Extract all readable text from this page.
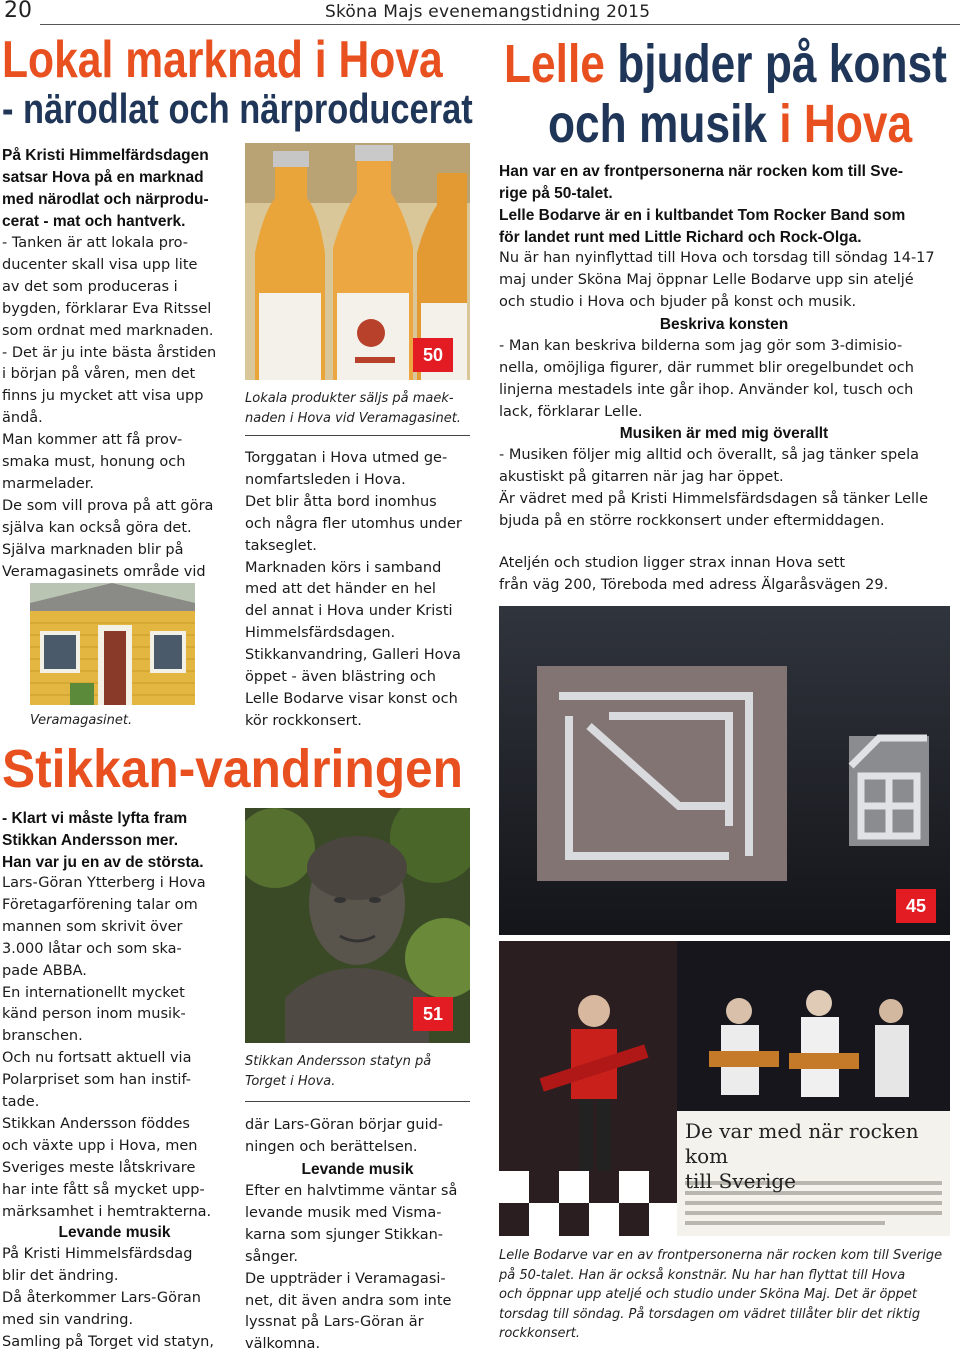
20	Sköna Majs evenemangstidning 2015
Lokal marknad i Hova
- närodlat och närproducerat
På Kristi Himmelfärdsdagen
satsar Hova på en marknad
med närodlat och närprodu-
cerat - mat och hantverk.
- Tanken är att lokala pro-
ducenter skall visa upp lite
av det som produceras i
bygden, förklarar Eva Ritssel
som ordnat med marknaden.
- Det är ju inte bästa årstiden
i början på våren, men det
finns ju mycket att visa upp
ändå.
Man kommer att få prov-
smaka must, honung och
marmelader.
De som vill prova på att göra
själva kan också göra det.
Själva marknaden blir på
Veramagasinets område vid
Veramagasinet.
50
Lokala produkter säljs på maek-
naden i Hova vid Veramagasinet.
Torggatan i Hova utmed ge-
nomfartsleden i Hova.
Det blir åtta bord inomhus
och några fler utomhus under
takseglet.
Marknaden körs i samband
med att det händer en hel
del annat i Hova under Kristi
Himmelsfärdsdagen.
Stikkanvandring, Galleri Hova
öppet - även blästring och
Lelle Bodarve visar konst och
kör rockkonsert.
Lelle bjuder på konst
och musik i Hova
Han var en av frontpersonerna när rocken kom till Sve-
rige på 50-talet.
Lelle Bodarve är en i kultbandet Tom Rocker Band som
för landet runt med Little Richard och Rock-Olga.
Nu är han nyinflyttad till Hova och torsdag till söndag 14-17
maj under Sköna Maj öppnar Lelle Bodarve upp sin ateljé
och studio i Hova och bjuder på konst och musik.
Beskriva konsten
- Man kan beskriva bilderna som jag gör som 3-dimisio-
nella, omöjliga figurer, där rummet blir oregelbundet och
linjerna mestadels inte går ihop. Använder kol, tusch och
lack, förklarar Lelle.
Musiken är med mig överallt
- Musiken följer mig alltid och överallt, så jag tänker spela
akustiskt på gitarren när jag har öppet.
Är vädret med på Kristi Himmelsfärdsdagen så tänker Lelle
bjuda på en större rockkonsert under eftermiddagen.
Ateljén och studion ligger strax innan Hova sett
från väg 200, Töreboda med adress Älgaråsvägen 29.
45
De var med när rocken kom
till Sverige
Lelle Bodarve var en av frontpersonerna när rocken kom till Sverige
på 50-talet. Han är också konstnär. Nu har han flyttat till Hova
och öppnar upp ateljé och studio under Sköna Maj. Det är öppet
torsdag till söndag. På torsdagen om vädret tillåter blir det riktig
rockkonsert.
Stikkan-vandringen
- Klart vi måste lyfta fram
Stikkan Andersson mer.
Han var ju en av de största.
Lars-Göran Ytterberg i Hova
Företagarförening talar om
mannen som skrivit över
3.000 låtar och som ska-
pade ABBA.
En internationellt mycket
känd person inom musik-
branschen.
Och nu fortsatt aktuell via
Polarpriset som han instif-
tade.
Stikkan Andersson föddes
och växte upp i Hova, men
Sveriges meste låtskrivare
har inte fått så mycket upp-
märksamhet i hemtrakterna.
Levande musik
På Kristi Himmelsfärdsdag
blir det ändring.
Då återkommer Lars-Göran
med sin vandring.
Samling på Torget vid statyn,
51
Stikkan Andersson statyn på
Torget i Hova.
där Lars-Göran börjar guid-
ningen och berättelsen.
Levande musik
Efter en halvtimme väntar så
levande musik med Visma-
karna som sjunger Stikkan-
sånger.
De uppträder i Veramagasi-
net, dit även andra som inte
lyssnat på Lars-Göran är
välkomna.
